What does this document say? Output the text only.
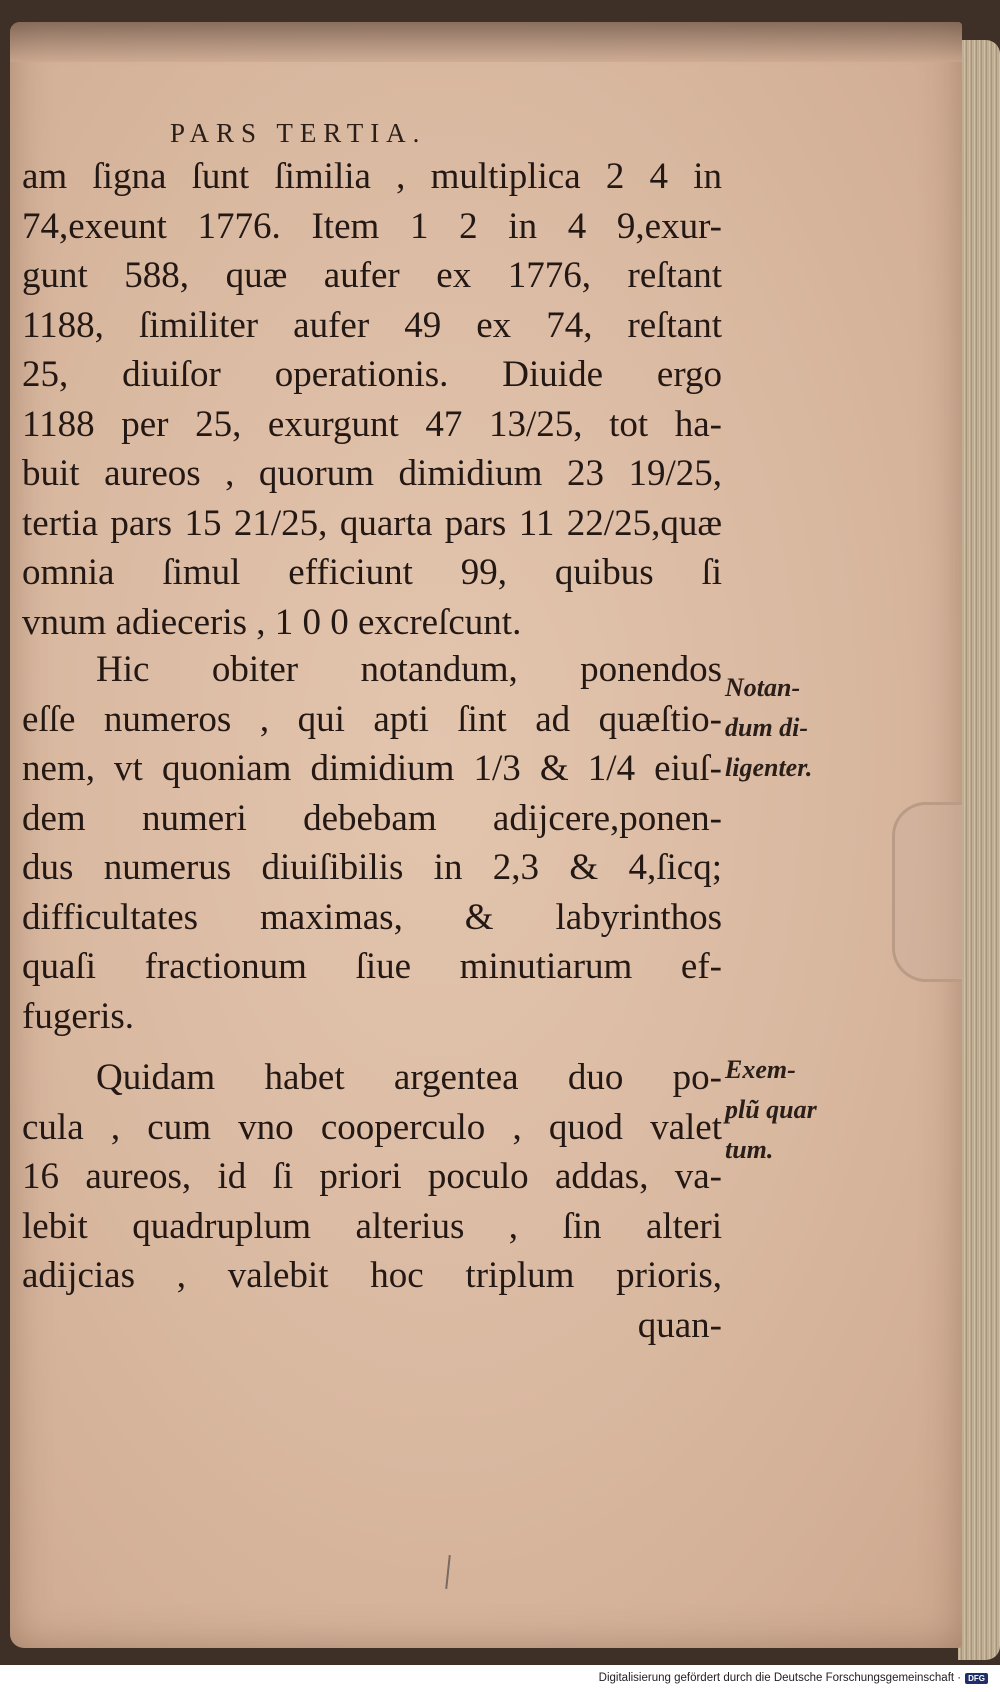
PARS TERTIA.
am ſigna ſunt ſimilia , multiplica 2 4 in
74,exeunt 1776. Item 1 2 in 4 9,exur-
gunt 588, quæ aufer ex 1776, reſtant
1188, ſimiliter aufer 49 ex 74, reſtant
25, diuiſor operationis. Diuide ergo
1188 per 25, exurgunt 47 13/25, tot ha-
buit aureos , quorum dimidium 23 19/25,
tertia pars 15 21/25, quarta pars 11 22/25,quæ
omnia ſimul efficiunt 99, quibus ſi
vnum adieceris , 1 0 0 excreſcunt.
Hic obiter notandum, ponendos
eſſe numeros , qui apti ſint ad quæſtio-
nem, vt quoniam dimidium 1/3 & 1/4 eiuſ-
dem numeri debebam adijcere,ponen-
dus numerus diuiſibilis in 2,3 & 4,ſicq;
difficultates maximas, & labyrinthos
quaſi fractionum ſiue minutiarum ef-
fugeris.
Quidam habet argentea duo po-
cula , cum vno cooperculo , quod valet
16 aureos, id ſi priori poculo addas, va-
lebit quadruplum alterius , ſin alteri
adijcias , valebit hoc triplum prioris,
quan-
Notan-
dum di-
ligenter.
Exem-
plũ quar
tum.
Digitalisierung gefördert durch die Deutsche Forschungsgemeinschaft · DFG
